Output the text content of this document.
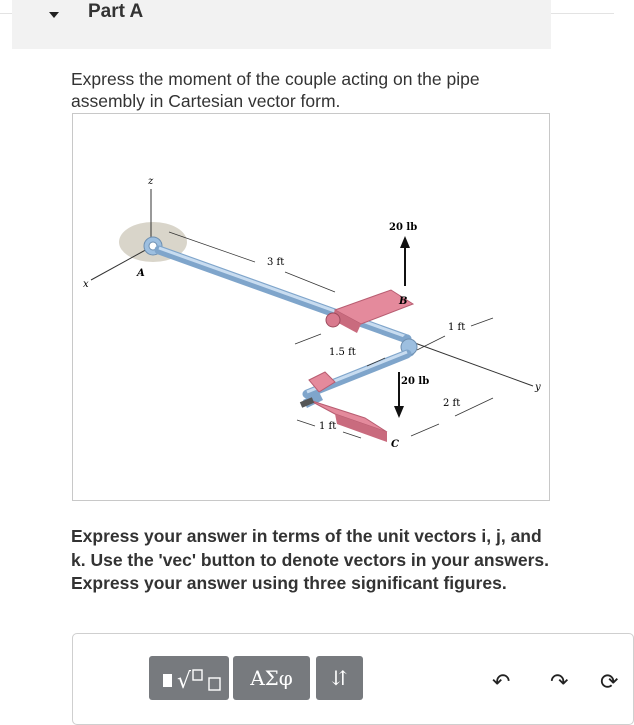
Part A
Express the moment of the couple acting on the pipe assembly in Cartesian vector form.
z
x
y
A
B
20 lb
C
20 lb
3 ft
1 ft
1.5 ft
2 ft
1 ft
Express your answer in terms of the unit vectors i, j, and k. Use the 'vec' button to denote vectors in your answers. Express your answer using three significant figures.
√	ΑΣφ ⇵	↶ ↷ ⟳
